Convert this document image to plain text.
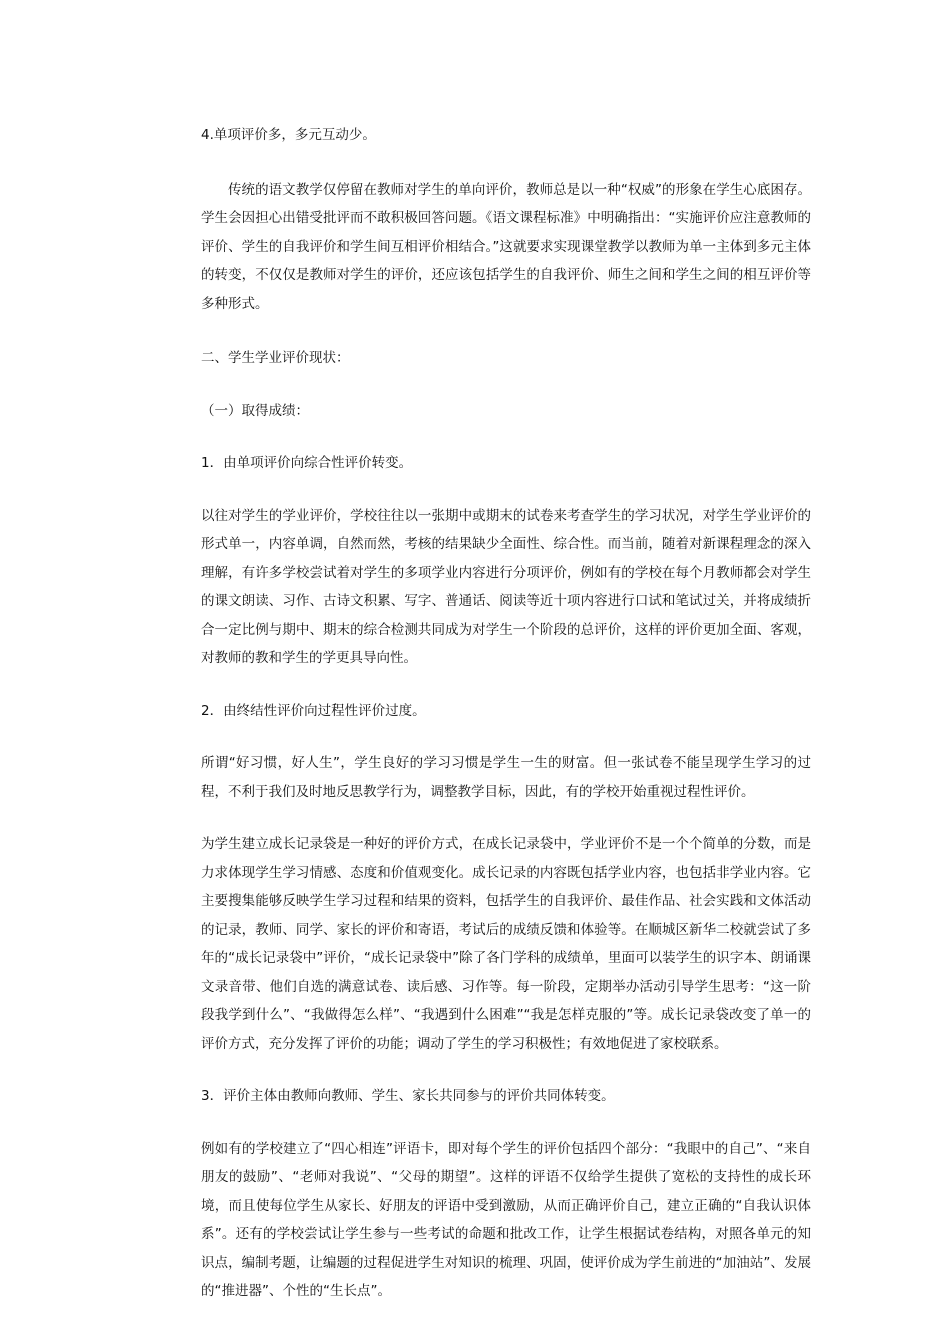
4.单项评价多，多元互动少。

传统的语文教学仅停留在教师对学生的单向评价，教师总是以一种“权威”的形象在学生心底困存。学生会因担心出错受批评而不敢积极回答问题。《语文课程标准》中明确指出：“实施评价应注意教师的评价、学生的自我评价和学生间互相评价相结合。”这就要求实现课堂教学以教师为单一主体到多元主体的转变，不仅仅是教师对学生的评价，还应该包括学生的自我评价、师生之间和学生之间的相互评价等多种形式。

二、学生学业评价现状：

（一）取得成绩：

1．由单项评价向综合性评价转变。

以往对学生的学业评价，学校往往以一张期中或期末的试卷来考查学生的学习状况，对学生学业评价的形式单一，内容单调，自然而然，考核的结果缺少全面性、综合性。而当前，随着对新课程理念的深入理解，有许多学校尝试着对学生的多项学业内容进行分项评价，例如有的学校在每个月教师都会对学生的课文朗读、习作、古诗文积累、写字、普通话、阅读等近十项内容进行口试和笔试过关，并将成绩折合一定比例与期中、期末的综合检测共同成为对学生一个阶段的总评价，这样的评价更加全面、客观，对教师的教和学生的学更具导向性。

2．由终结性评价向过程性评价过度。

所谓“好习惯，好人生”，学生良好的学习习惯是学生一生的财富。但一张试卷不能呈现学生学习的过程，不利于我们及时地反思教学行为，调整教学目标，因此，有的学校开始重视过程性评价。

为学生建立成长记录袋是一种好的评价方式，在成长记录袋中，学业评价不是一个个简单的分数，而是力求体现学生学习情感、态度和价值观变化。成长记录的内容既包括学业内容，也包括非学业内容。它主要搜集能够反映学生学习过程和结果的资料，包括学生的自我评价、最佳作品、社会实践和文体活动的记录，教师、同学、家长的评价和寄语，考试后的成绩反馈和体验等。在顺城区新华二校就尝试了多年的“成长记录袋中”评价，“成长记录袋中”除了各门学科的成绩单，里面可以装学生的识字本、朗诵课文录音带、他们自选的满意试卷、读后感、习作等。每一阶段，定期举办活动引导学生思考：“这一阶段我学到什么”、“我做得怎么样”、“我遇到什么困难”“我是怎样克服的”等。成长记录袋改变了单一的评价方式，充分发挥了评价的功能；调动了学生的学习积极性；有效地促进了家校联系。

3．评价主体由教师向教师、学生、家长共同参与的评价共同体转变。

例如有的学校建立了“四心相连”评语卡，即对每个学生的评价包括四个部分：“我眼中的自己”、“来自朋友的鼓励”、“老师对我说”、“父母的期望”。这样的评语不仅给学生提供了宽松的支持性的成长环境，而且使每位学生从家长、好朋友的评语中受到激励，从而正确评价自己，建立正确的“自我认识体系”。还有的学校尝试让学生参与一些考试的命题和批改工作，让学生根据试卷结构，对照各单元的知识点，编制考题，让编题的过程促进学生对知识的梳理、巩固，使评价成为学生前进的“加油站”、发展的“推进器”、个性的“生长点”。
